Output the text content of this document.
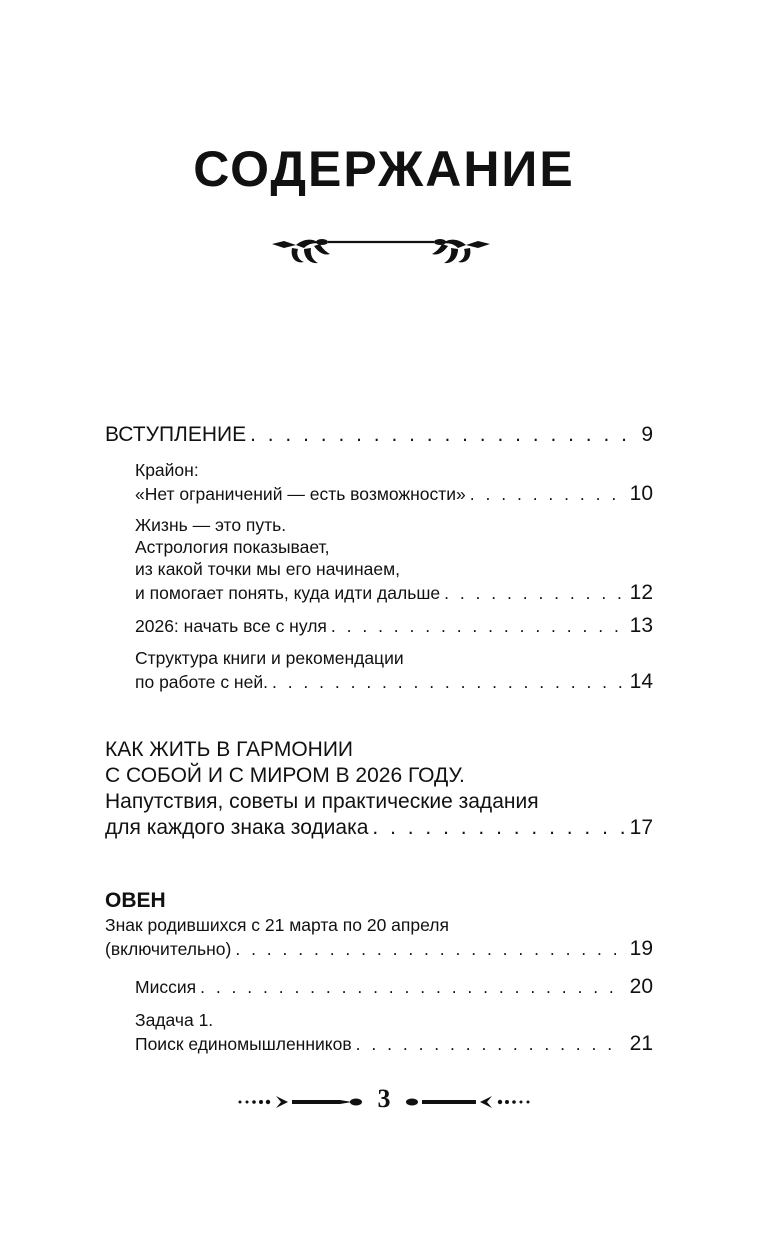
СОДЕРЖАНИЕ
ВСТУПЛЕНИЕ . . .	9
Крайон:
«Нет ограничений — есть возможности» . . .	10
Жизнь — это путь.
Астрология показывает,
из какой точки мы его начинаем,
и помогает понять, куда идти дальше . . .	12
2026: начать все с нуля . . .	13
Структура книги и рекомендации
по работе с ней. . . .	14
КАК ЖИТЬ В ГАРМОНИИ
С СОБОЙ И С МИРОМ В 2026 ГОДУ.
Напутствия, советы и практические задания
для каждого знака зодиака . . .	17
ОВЕН
Знак родившихся с 21 марта по 20 апреля
(включительно) . . .	19
Миссия . . .	20
Задача 1.
Поиск единомышленников . . .	21
3
